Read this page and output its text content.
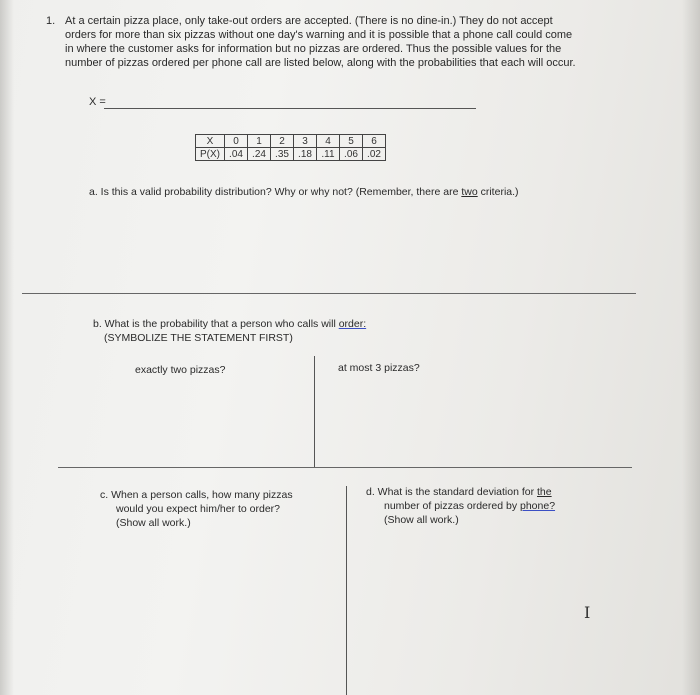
1. At a certain pizza place, only take-out orders are accepted. (There is no dine-in.) They do not accept
orders for more than six pizzas without one day's warning and it is possible that a phone call could come
in where the customer asks for information but no pizzas are ordered. Thus the possible values for the
number of pizzas ordered per phone call are listed below, along with the probabilities that each will occur.
X =
X	0	1	2	3	4	5	6
P(X)	.04	.24	.35	.18	.11	.06	.02
a. Is this a valid probability distribution? Why or why not? (Remember, there are two criteria.)
b. What is the probability that a person who calls will order:
(SYMBOLIZE THE STATEMENT FIRST)
exactly two pizzas?	at most 3 pizzas?
c. When a person calls, how many pizzas
would you expect him/her to order?
(Show all work.)
d. What is the standard deviation for the
number of pizzas ordered by phone?
(Show all work.)
I
